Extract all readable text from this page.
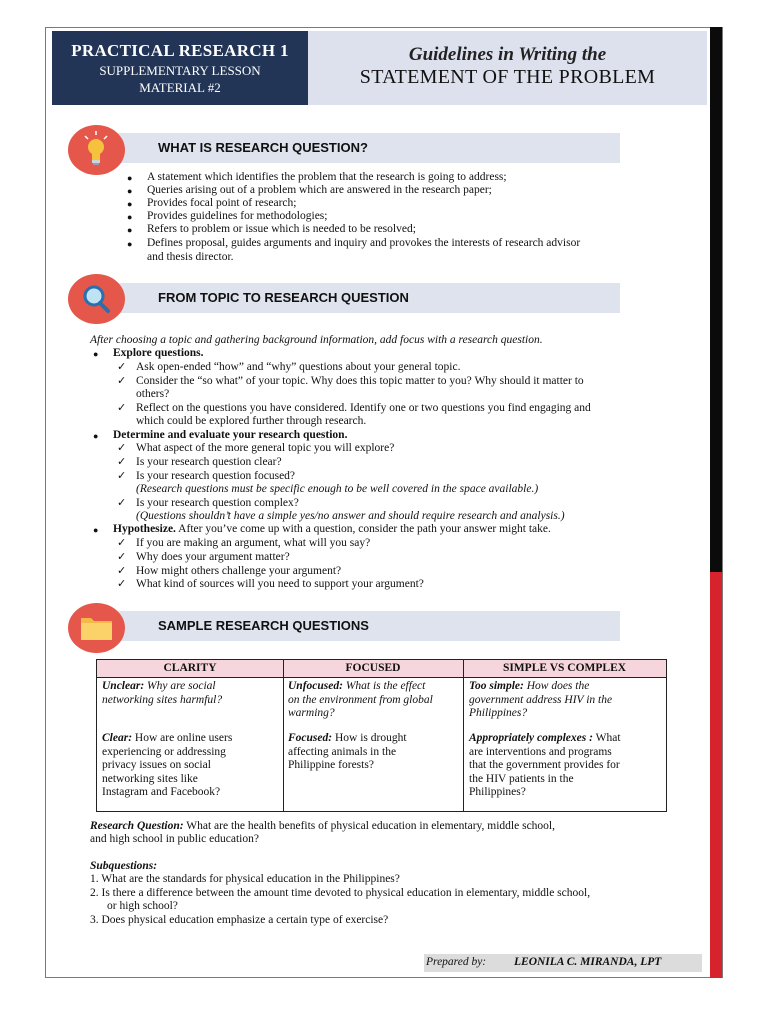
PRACTICAL RESEARCH 1
SUPPLEMENTARY LESSON
MATERIAL #2
Guidelines in Writing the
STATEMENT OF THE PROBLEM
WHAT IS RESEARCH QUESTION?
● A statement which identifies the problem that the research is going to address;
● Queries arising out of a problem which are answered in the research paper;
● Provides focal point of research;
● Provides guidelines for methodologies;
● Refers to problem or issue which is needed to be resolved;
● Defines proposal, guides arguments and inquiry and provokes the interests of research advisor
and thesis director.
FROM TOPIC TO RESEARCH QUESTION
After choosing a topic and gathering background information, add focus with a research question.
● Explore questions.
✓ Ask open-ended “how” and “why” questions about your general topic.
✓ Consider the “so what” of your topic. Why does this topic matter to you? Why should it matter to
others?
✓ Reflect on the questions you have considered. Identify one or two questions you find engaging and
which could be explored further through research.
● Determine and evaluate your research question.
✓ What aspect of the more general topic you will explore?
✓ Is your research question clear?
✓ Is your research question focused?
(Research questions must be specific enough to be well covered in the space available.)
✓ Is your research question complex?
(Questions shouldn’t have a simple yes/no answer and should require research and analysis.)
● Hypothesize. After you’ve come up with a question, consider the path your answer might take.
✓ If you are making an argument, what will you say?
✓ Why does your argument matter?
✓ How might others challenge your argument?
✓ What kind of sources will you need to support your argument?
SAMPLE RESEARCH QUESTIONS
CLARITY	FOCUSED	SIMPLE VS COMPLEX
Unclear: Why are social
networking sites harmful?
Clear: How are online users
experiencing or addressing
privacy issues on social
networking sites like
Instagram and Facebook?
Unfocused: What is the effect
on the environment from global
warming?
Focused: How is drought
affecting animals in the
Philippine forests?
Too simple: How does the
government address HIV in the
Philippines?
Appropriately complexes : What
are interventions and programs
that the government provides for
the HIV patients in the
Philippines?
Research Question: What are the health benefits of physical education in elementary, middle school,
and high school in public education?
Subquestions:
1. What are the standards for physical education in the Philippines?
2. Is there a difference between the amount time devoted to physical education in elementary, middle school,
or high school?
3. Does physical education emphasize a certain type of exercise?
Prepared by: LEONILA C. MIRANDA, LPT
